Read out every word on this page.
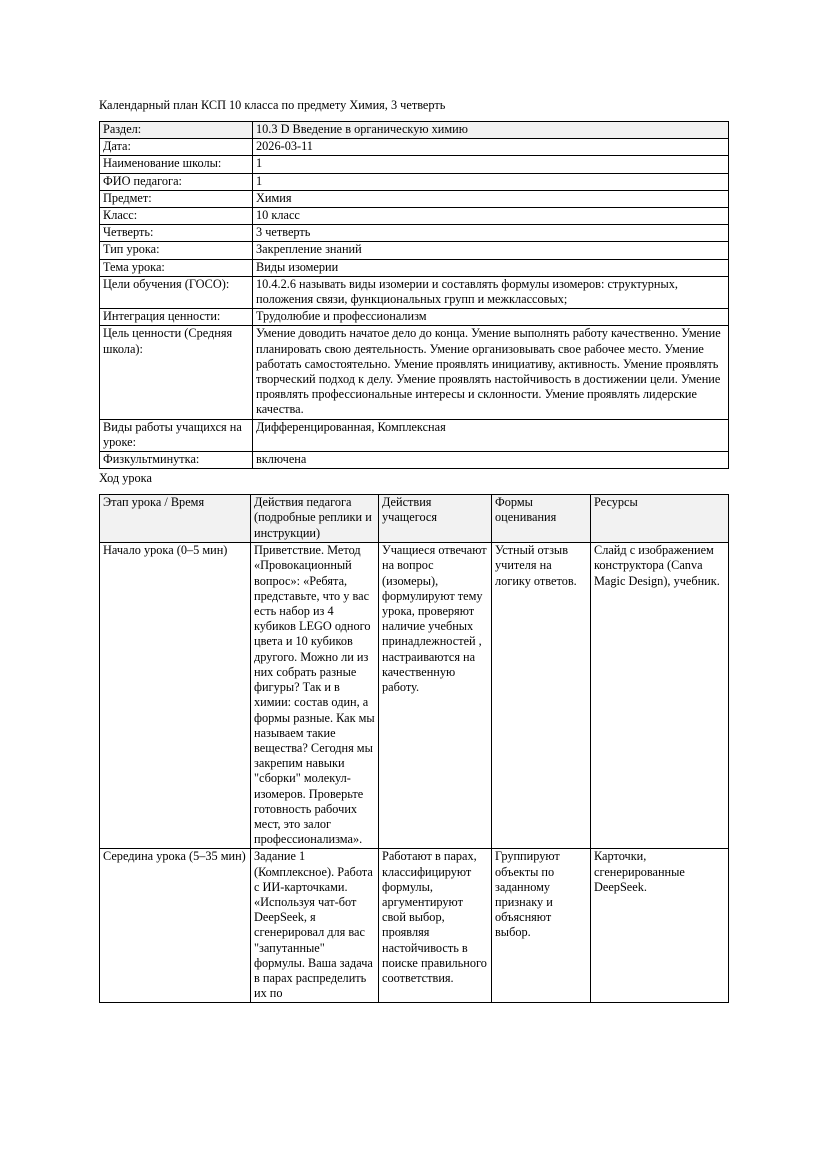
Календарный план КСП 10 класса по предмету Химия, 3 четверть

Раздел:	10.3 D Введение в органическую химию
Дата:	2026-03-11
Наименование школы:	1
ФИО педагога:	1
Предмет:	Химия
Класс:	10 класс
Четверть:	3 четверть
Тип урока:	Закрепление знаний
Тема урока:	Виды изомерии
Цели обучения (ГОСО):	10.4.2.6 называть виды изомерии и составлять формулы изомеров: структурных, положения связи, функциональных групп и межклассовых;
Интеграция ценности:	Трудолюбие и профессионализм
Цель ценности (Средняя школа):	Умение доводить начатое дело до конца. Умение выполнять работу качественно. Умение планировать свою деятельность. Умение организовывать свое рабочее место. Умение работать самостоятельно. Умение проявлять инициативу, активность. Умение проявлять творческий подход к делу. Умение проявлять настойчивость в достижении цели. Умение проявлять профессиональные интересы и склонности. Умение проявлять лидерские качества.
Виды работы учащихся на уроке:	Дифференцированная, Комплексная
Физкультминутка:	включена

Ход урока

Этап урока / Время	Действия педагога (подробные реплики и инструкции)	Действия учащегося	Формы оценивания	Ресурсы
Начало урока (0–5 мин)	Приветствие. Метод «Провокационный вопрос»: «Ребята, представьте, что у вас есть набор из 4 кубиков LEGO одного цвета и 10 кубиков другого. Можно ли из них собрать разные фигуры? Так и в химии: состав один, а формы разные. Как мы называем такие вещества? Сегодня мы закрепим навыки "сборки" молекул-изомеров. Проверьте готовность рабочих мест, это залог профессионализма».	Учащиеся отвечают на вопрос (изомеры), формулируют тему урока, проверяют наличие учебных принадлежностей , настраиваются на качественную работу.	Устный отзыв учителя на логику ответов.	Слайд с изображением конструктора (Canva Magic Design), учебник.
Середина урока (5–35 мин)	Задание 1 (Комплексное). Работа с ИИ-карточками. «Используя чат-бот DeepSeek, я сгенерировал для вас "запутанные" формулы. Ваша задача в парах распределить их по	Работают в парах, классифицируют формулы, аргументируют свой выбор, проявляя настойчивость в поиске правильного соответствия.	Группируют объекты по заданному признаку и объясняют выбор.	Карточки, сгенерированные DeepSeek.
